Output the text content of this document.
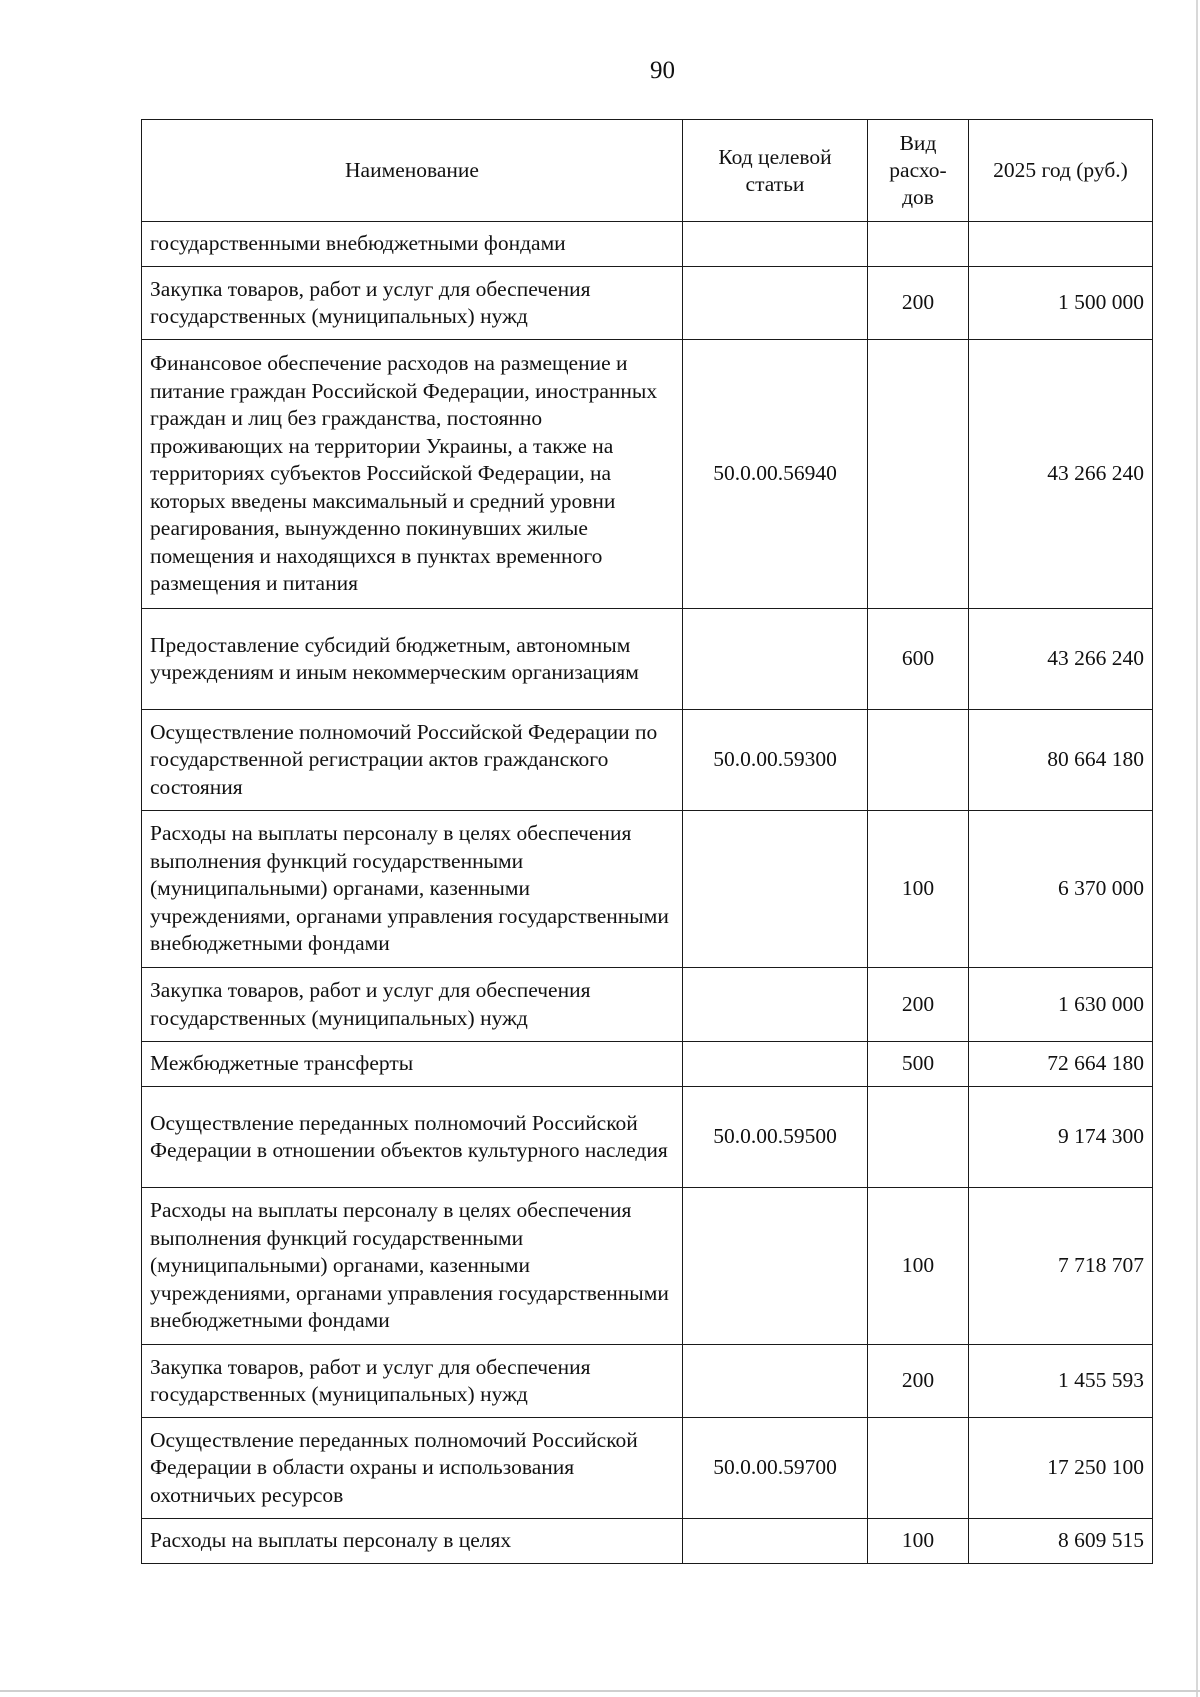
90
Наименование	Код целевой статьи	Вид расхо-дов	2025 год (руб.)
государственными внебюджетными фондами			
Закупка товаров, работ и услуг для обеспечения государственных (муниципальных) нужд		200	1 500 000
Финансовое обеспечение расходов на размещение и питание граждан Российской Федерации, иностранных граждан и лиц без гражданства, постоянно проживающих на территории Украины, а также на территориях субъектов Российской Федерации, на которых введены максимальный и средний уровни реагирования, вынужденно покинувших жилые помещения и находящихся в пунктах временного размещения и питания	50.0.00.56940		43 266 240
Предоставление субсидий бюджетным, автономным учреждениям и иным некоммерческим организациям		600	43 266 240
Осуществление полномочий Российской Федерации по государственной регистрации актов гражданского состояния	50.0.00.59300		80 664 180
Расходы на выплаты персоналу в целях обеспечения выполнения функций государственными (муниципальными) органами, казенными учреждениями, органами управления государственными внебюджетными фондами		100	6 370 000
Закупка товаров, работ и услуг для обеспечения государственных (муниципальных) нужд		200	1 630 000
Межбюджетные трансферты		500	72 664 180
Осуществление переданных полномочий Российской Федерации в отношении объектов культурного наследия	50.0.00.59500		9 174 300
Расходы на выплаты персоналу в целях обеспечения выполнения функций государственными (муниципальными) органами, казенными учреждениями, органами управления государственными внебюджетными фондами		100	7 718 707
Закупка товаров, работ и услуг для обеспечения государственных (муниципальных) нужд		200	1 455 593
Осуществление переданных полномочий Российской Федерации в области охраны и использования охотничьих ресурсов	50.0.00.59700		17 250 100
Расходы на выплаты персоналу в целях		100	8 609 515
